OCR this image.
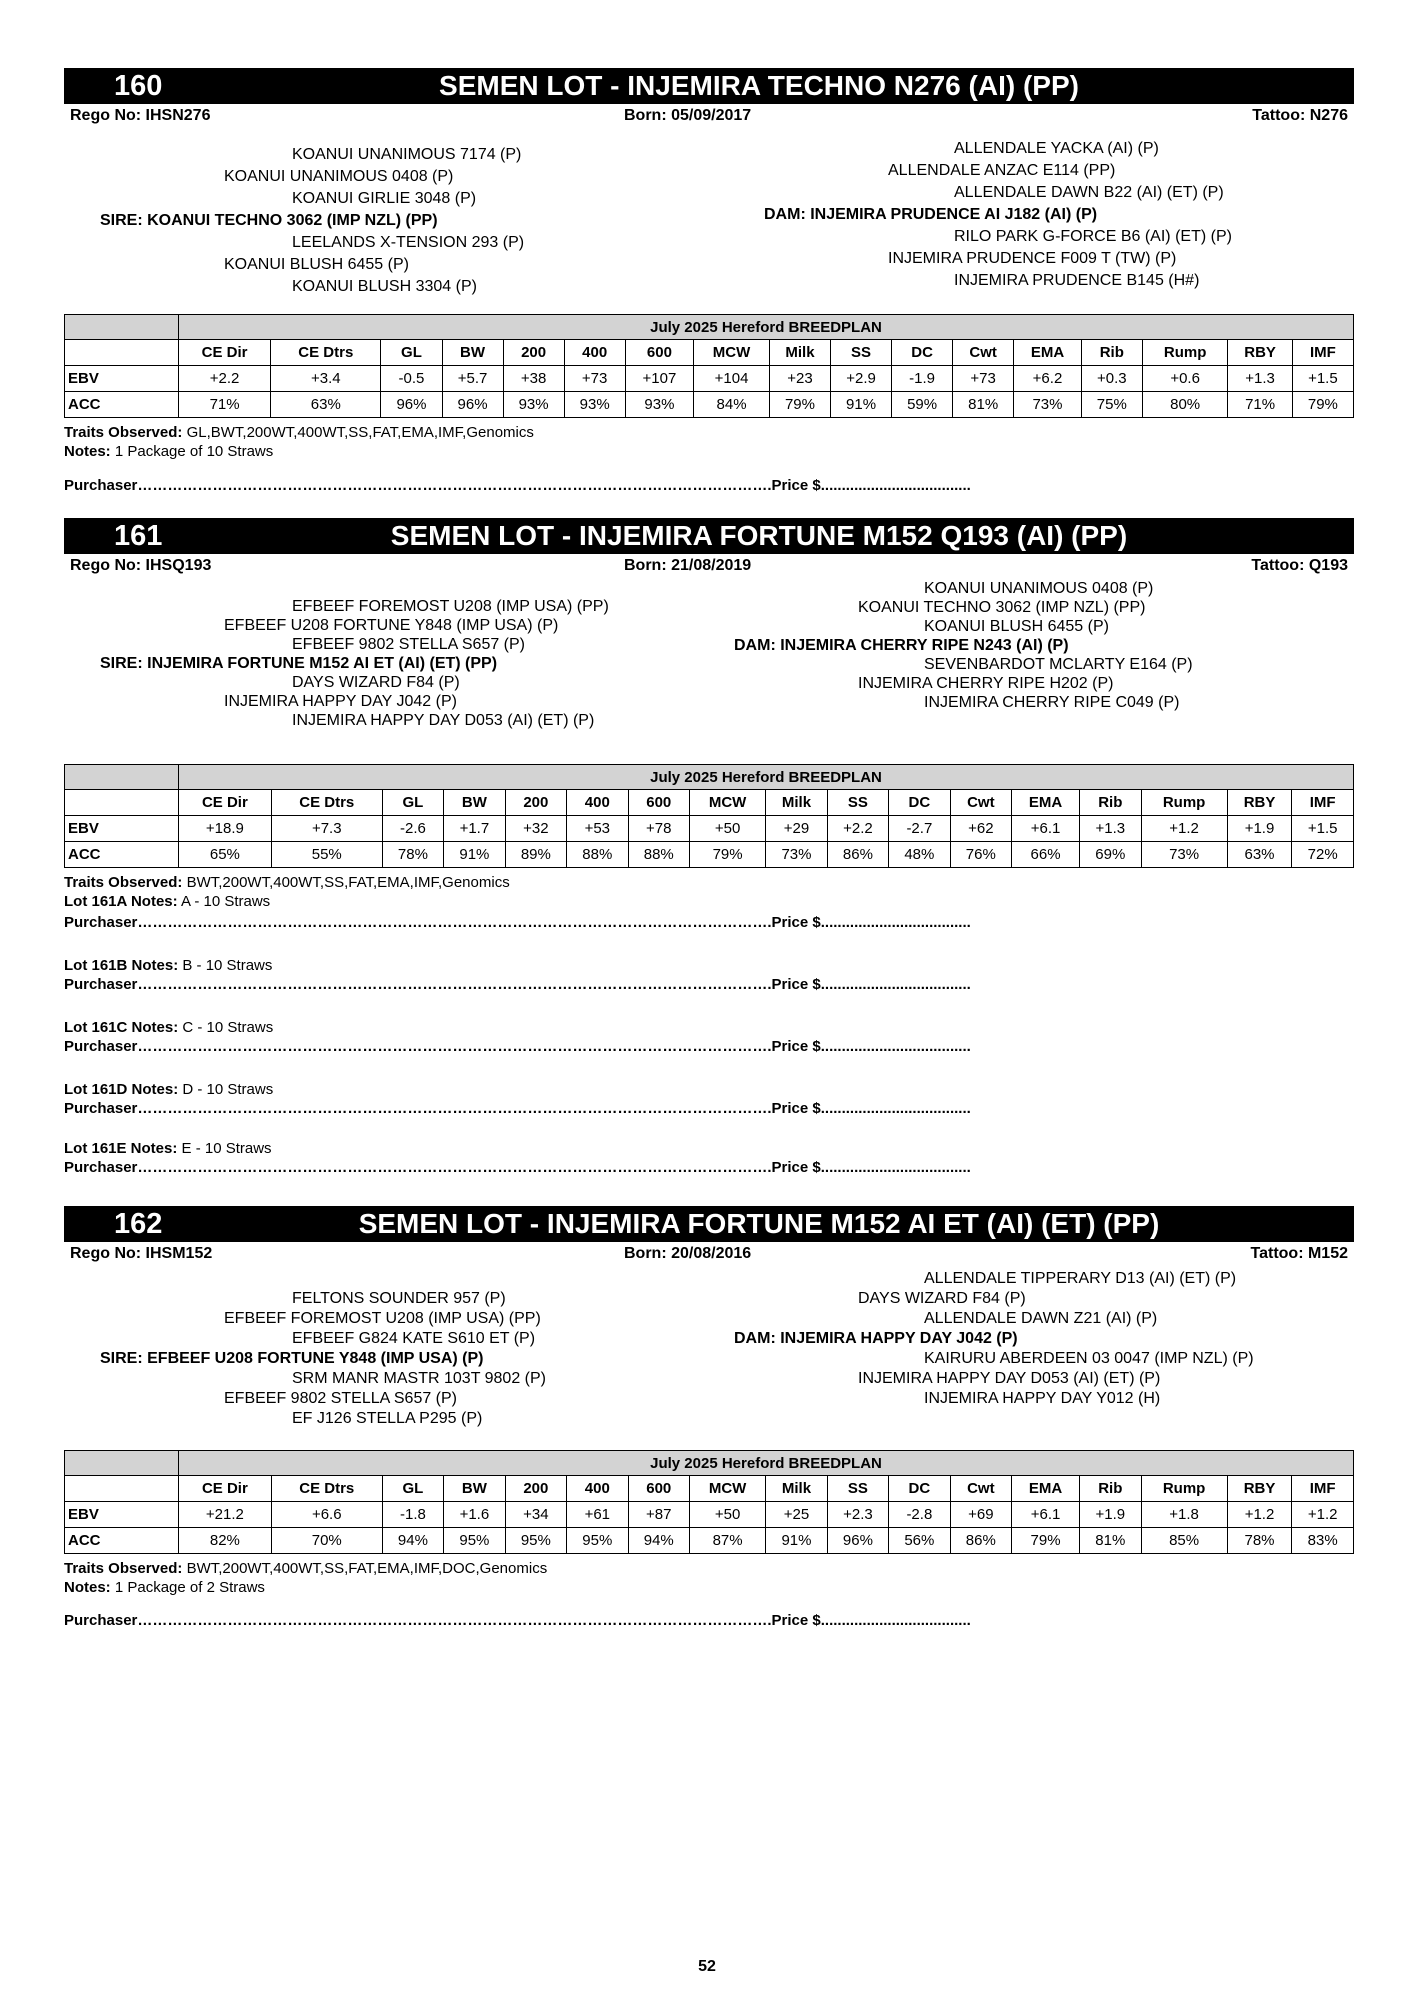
160	SEMEN LOT - INJEMIRA TECHNO N276 (AI) (PP)
Rego No: IHSN276	Born: 05/09/2017	Tattoo: N276
KOANUI UNANIMOUS 7174 (P)
KOANUI UNANIMOUS 0408 (P)
KOANUI GIRLIE 3048 (P)
SIRE: KOANUI TECHNO 3062 (IMP NZL) (PP)
LEELANDS X-TENSION 293 (P)
KOANUI BLUSH 6455 (P)
KOANUI BLUSH 3304 (P)
ALLENDALE YACKA (AI) (P)
ALLENDALE ANZAC E114 (PP)
ALLENDALE DAWN B22 (AI) (ET) (P)
DAM: INJEMIRA PRUDENCE AI J182 (AI) (P)
RILO PARK G-FORCE B6 (AI) (ET) (P)
INJEMIRA PRUDENCE F009 T (TW) (P)
INJEMIRA PRUDENCE B145 (H#)
	July 2025 Hereford BREEDPLAN																
	CE Dir	CE Dtrs	GL	BW	200	400	600	MCW	Milk	SS	DC	Cwt	EMA	Rib	Rump	RBY	IMF
EBV	+2.2	+3.4	-0.5	+5.7	+38	+73	+107	+104	+23	+2.9	-1.9	+73	+6.2	+0.3	+0.6	+1.3	+1.5
ACC	71%	63%	96%	96%	93%	93%	93%	84%	79%	91%	59%	81%	73%	75%	80%	71%	79%
Traits Observed: GL,BWT,200WT,400WT,SS,FAT,EMA,IMF,Genomics
Notes: 1 Package of 10 Straws
Purchaser……………………………………………………………………………………………………………….Price $....................................
161	SEMEN LOT - INJEMIRA FORTUNE M152 Q193 (AI) (PP)
Rego No: IHSQ193	Born: 21/08/2019	Tattoo: Q193
EFBEEF FOREMOST U208 (IMP USA) (PP)
EFBEEF U208 FORTUNE Y848 (IMP USA) (P)
EFBEEF 9802 STELLA S657 (P)
SIRE: INJEMIRA FORTUNE M152 AI ET (AI) (ET) (PP)
DAYS WIZARD F84 (P)
INJEMIRA HAPPY DAY J042 (P)
INJEMIRA HAPPY DAY D053 (AI) (ET) (P)
KOANUI UNANIMOUS 0408 (P)
KOANUI TECHNO 3062 (IMP NZL) (PP)
KOANUI BLUSH 6455 (P)
DAM: INJEMIRA CHERRY RIPE N243 (AI) (P)
SEVENBARDOT MCLARTY E164 (P)
INJEMIRA CHERRY RIPE H202 (P)
INJEMIRA CHERRY RIPE C049 (P)
	July 2025 Hereford BREEDPLAN																
	CE Dir	CE Dtrs	GL	BW	200	400	600	MCW	Milk	SS	DC	Cwt	EMA	Rib	Rump	RBY	IMF
EBV	+18.9	+7.3	-2.6	+1.7	+32	+53	+78	+50	+29	+2.2	-2.7	+62	+6.1	+1.3	+1.2	+1.9	+1.5
ACC	65%	55%	78%	91%	89%	88%	88%	79%	73%	86%	48%	76%	66%	69%	73%	63%	72%
Traits Observed: BWT,200WT,400WT,SS,FAT,EMA,IMF,Genomics
Lot 161A Notes: A - 10 Straws
Purchaser……………………………………………………………………………………………………………….Price $....................................
Lot 161B Notes: B - 10 Straws
Purchaser……………………………………………………………………………………………………………….Price $....................................
Lot 161C Notes: C - 10 Straws
Purchaser……………………………………………………………………………………………………………….Price $....................................
Lot 161D Notes: D - 10 Straws
Purchaser……………………………………………………………………………………………………………….Price $....................................
Lot 161E Notes: E - 10 Straws
Purchaser……………………………………………………………………………………………………………….Price $....................................
162	SEMEN LOT - INJEMIRA FORTUNE M152 AI ET (AI) (ET) (PP)
Rego No: IHSM152	Born: 20/08/2016	Tattoo: M152
FELTONS SOUNDER 957 (P)
EFBEEF FOREMOST U208 (IMP USA) (PP)
EFBEEF G824 KATE S610 ET (P)
SIRE: EFBEEF U208 FORTUNE Y848 (IMP USA) (P)
SRM MANR MASTR 103T 9802 (P)
EFBEEF 9802 STELLA S657 (P)
EF J126 STELLA P295 (P)
ALLENDALE TIPPERARY D13 (AI) (ET) (P)
DAYS WIZARD F84 (P)
ALLENDALE DAWN Z21 (AI) (P)
DAM: INJEMIRA HAPPY DAY J042 (P)
KAIRURU ABERDEEN 03 0047 (IMP NZL) (P)
INJEMIRA HAPPY DAY D053 (AI) (ET) (P)
INJEMIRA HAPPY DAY Y012 (H)
	July 2025 Hereford BREEDPLAN																
	CE Dir	CE Dtrs	GL	BW	200	400	600	MCW	Milk	SS	DC	Cwt	EMA	Rib	Rump	RBY	IMF
EBV	+21.2	+6.6	-1.8	+1.6	+34	+61	+87	+50	+25	+2.3	-2.8	+69	+6.1	+1.9	+1.8	+1.2	+1.2
ACC	82%	70%	94%	95%	95%	95%	94%	87%	91%	96%	56%	86%	79%	81%	85%	78%	83%
Traits Observed: BWT,200WT,400WT,SS,FAT,EMA,IMF,DOC,Genomics
Notes: 1 Package of 2 Straws
Purchaser……………………………………………………………………………………………………………….Price $....................................
52
